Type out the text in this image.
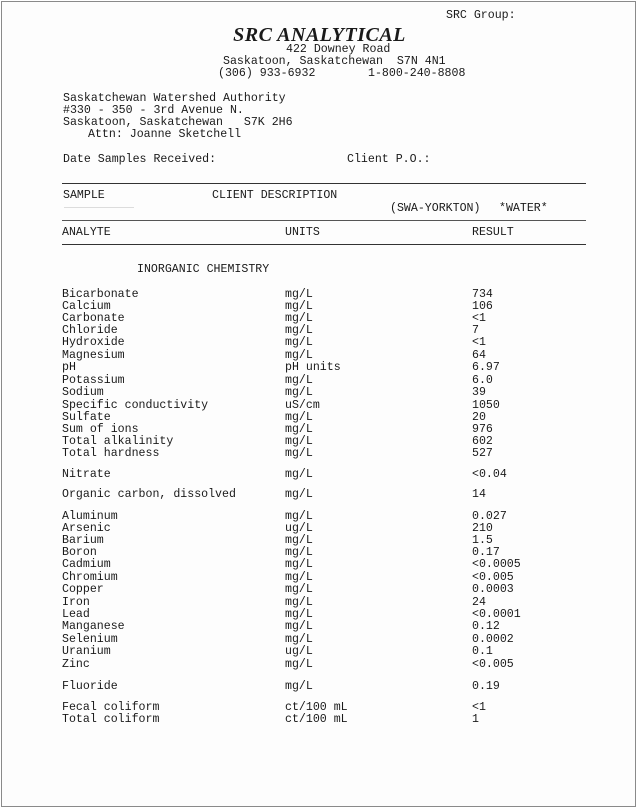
SRC Group:
SRC ANALYTICAL
422 Downey Road
Saskatoon, Saskatchewan  S7N 4N1
(306) 933-6932	1-800-240-8808
Saskatchewan Watershed Authority
#330 - 350 - 3rd Avenue N.
Saskatoon, Saskatchewan   S7K 2H6
Attn: Joanne Sketchell
Date Samples Received:	Client P.O.:
SAMPLE	CLIENT DESCRIPTION
(SWA-YORKTON) *WATER*
ANALYTE	UNITS	RESULT
INORGANIC CHEMISTRY
Bicarbonate	mg/L	734
Calcium	mg/L	106
Carbonate	mg/L	<1
Chloride	mg/L	7
Hydroxide	mg/L	<1
Magnesium	mg/L	64
pH	pH units	6.97
Potassium	mg/L	6.0
Sodium	mg/L	39
Specific conductivity	uS/cm	1050
Sulfate	mg/L	20
Sum of ions	mg/L	976
Total alkalinity	mg/L	602
Total hardness	mg/L	527
Nitrate	mg/L	<0.04
Organic carbon, dissolved	mg/L	14
Aluminum	mg/L	0.027
Arsenic	ug/L	210
Barium	mg/L	1.5
Boron	mg/L	0.17
Cadmium	mg/L	<0.0005
Chromium	mg/L	<0.005
Copper	mg/L	0.0003
Iron	mg/L	24
Lead	mg/L	<0.0001
Manganese	mg/L	0.12
Selenium	mg/L	0.0002
Uranium	ug/L	0.1
Zinc	mg/L	<0.005
Fluoride	mg/L	0.19
Fecal coliform	ct/100 mL	<1
Total coliform	ct/100 mL	1
